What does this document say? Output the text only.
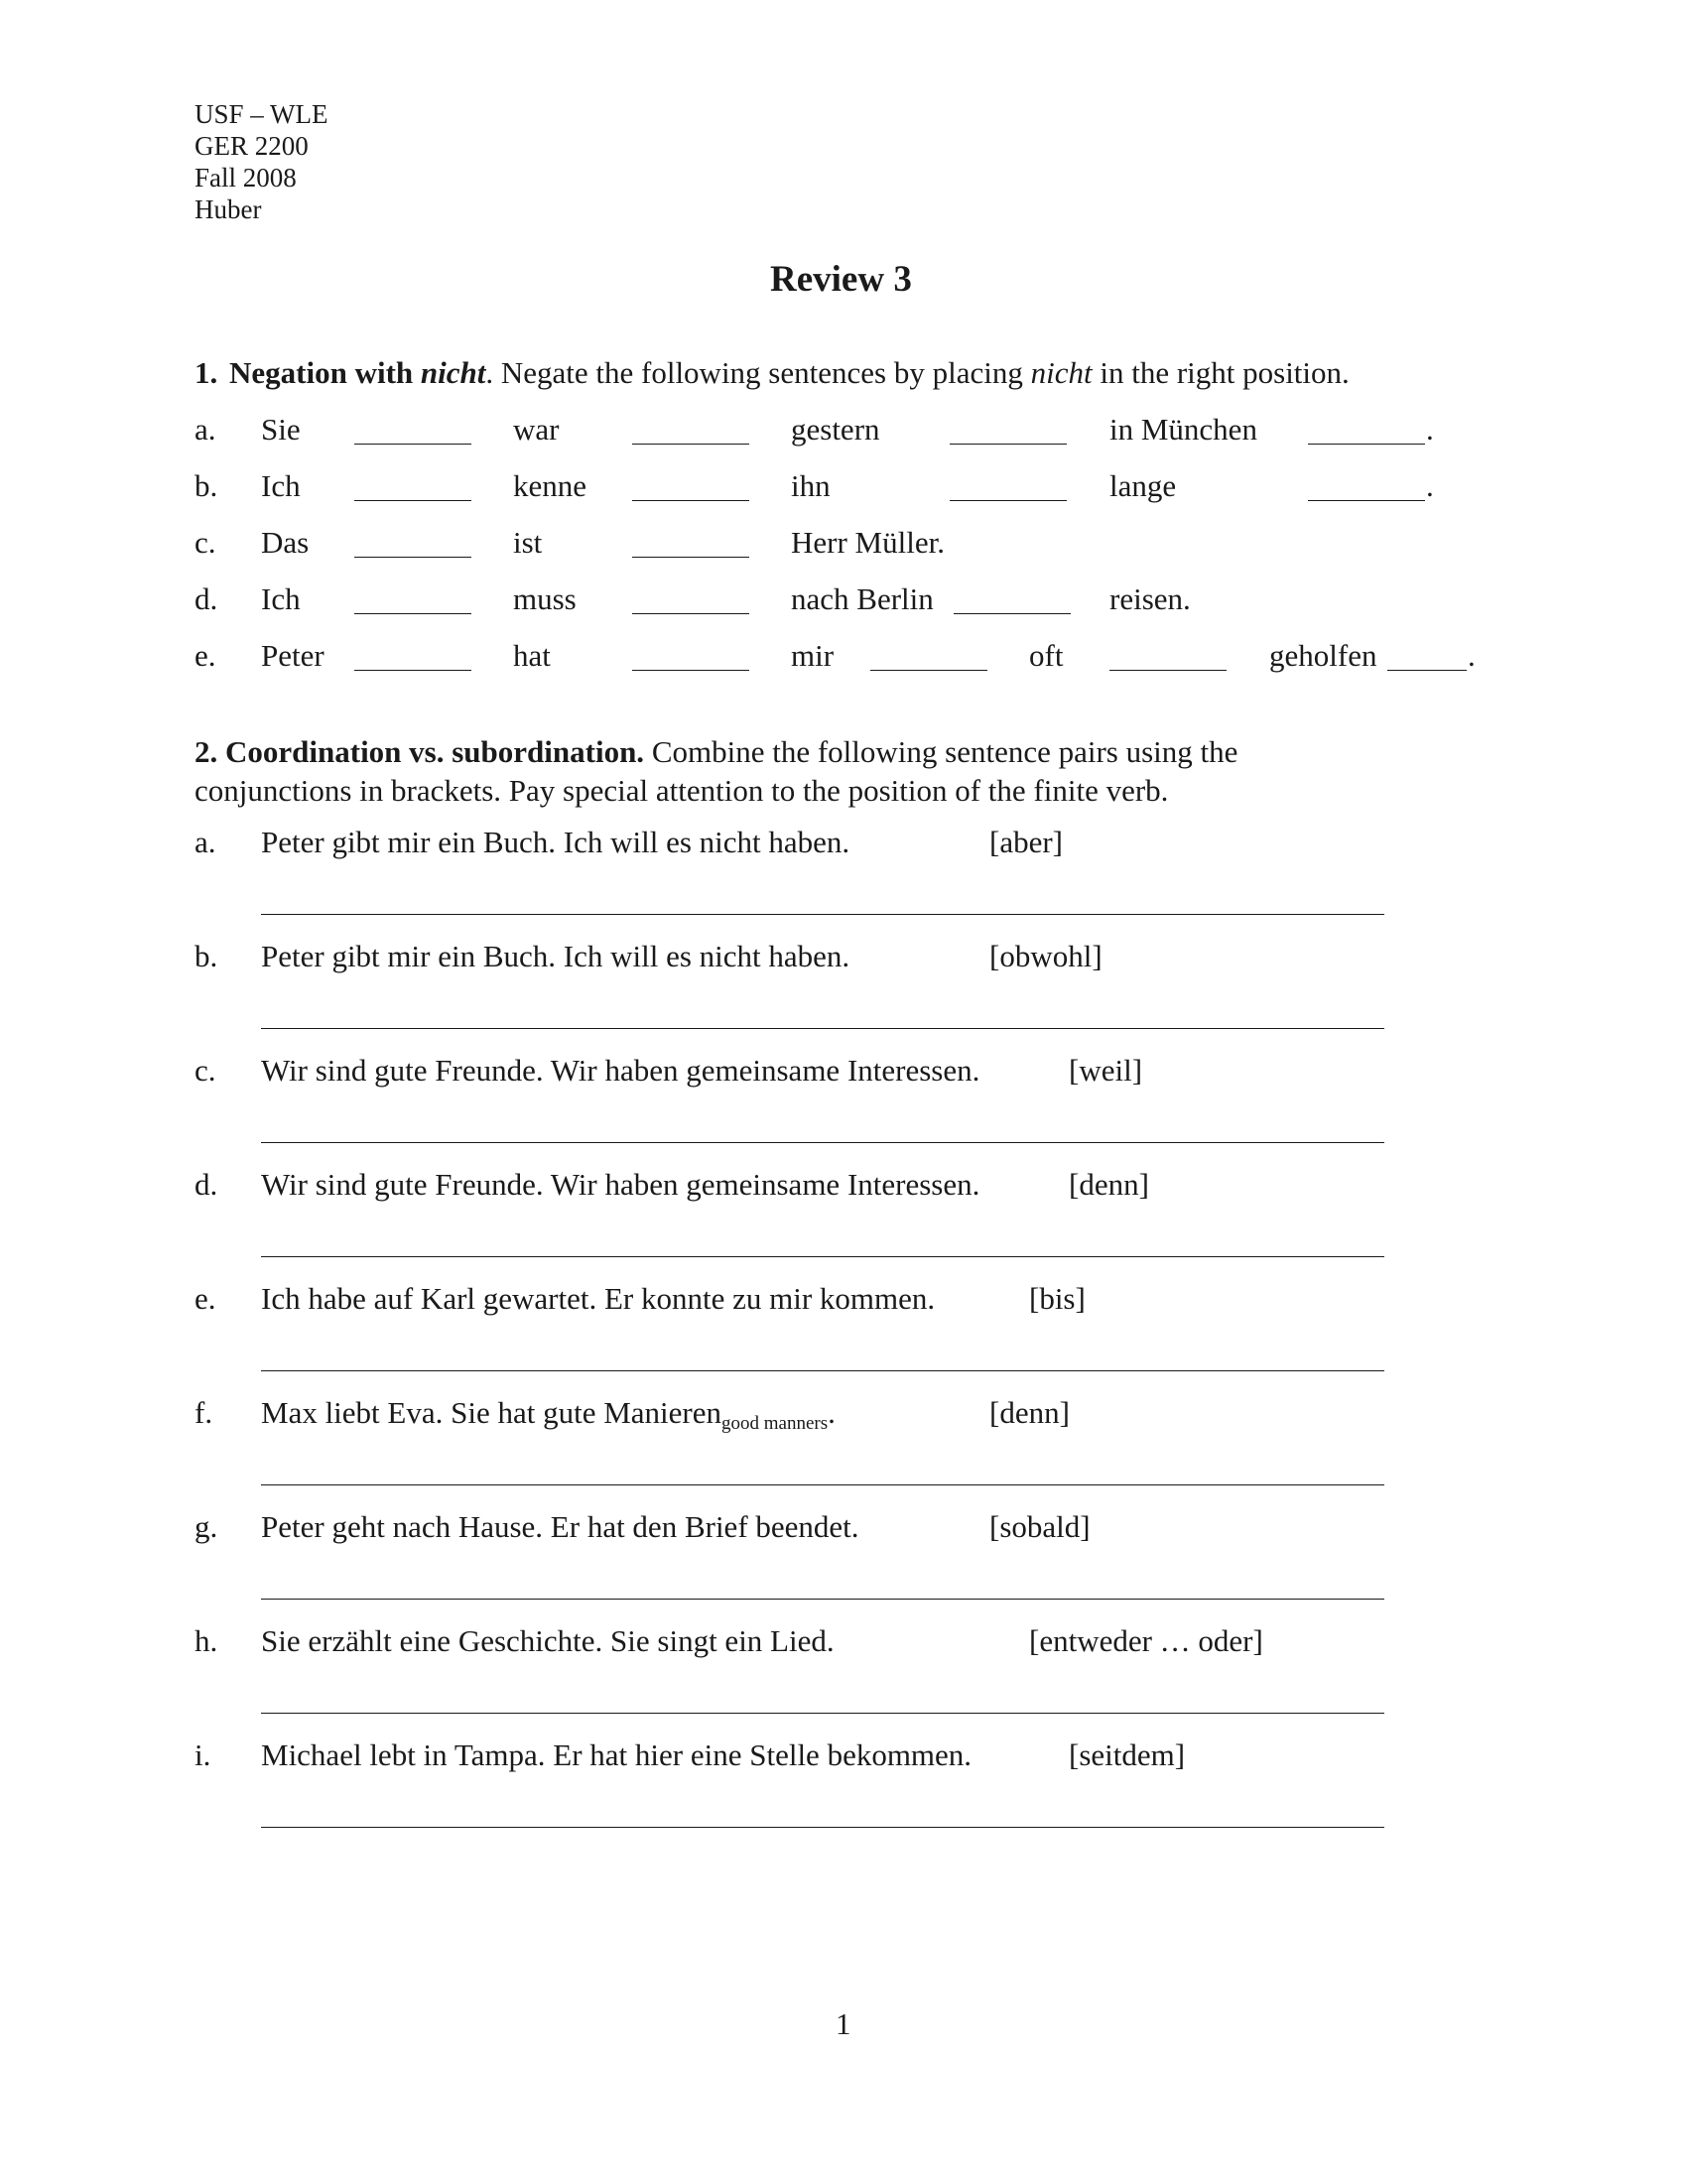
USF – WLE
GER 2200
Fall 2008
Huber
Review 3
1. Negation with nicht. Negate the following sentences by placing nicht in the right position.
a. Sie	war	gestern	in München	.
b. Ich	kenne	ihn	lange	.
c. Das	ist	Herr Müller.
d. Ich	muss	nach Berlin	reisen.
e. Peter	hat	mir	oft	geholfen	.
2. Coordination vs. subordination. Combine the following sentence pairs using the
conjunctions in brackets. Pay special attention to the position of the finite verb.
a. Peter gibt mir ein Buch. Ich will es nicht haben.	[aber]
b. Peter gibt mir ein Buch. Ich will es nicht haben.	[obwohl]
c. Wir sind gute Freunde. Wir haben gemeinsame Interessen.	[weil]
d. Wir sind gute Freunde. Wir haben gemeinsame Interessen.	[denn]
e. Ich habe auf Karl gewartet. Er konnte zu mir kommen.	[bis]
f. Max liebt Eva. Sie hat gute Manieren$_{good manners}$.	[denn]
g. Peter geht nach Hause. Er hat den Brief beendet.	[sobald]
h. Sie erzählt eine Geschichte. Sie singt ein Lied.	[entweder … oder]
i. Michael lebt in Tampa. Er hat hier eine Stelle bekommen.	[seitdem]
1
